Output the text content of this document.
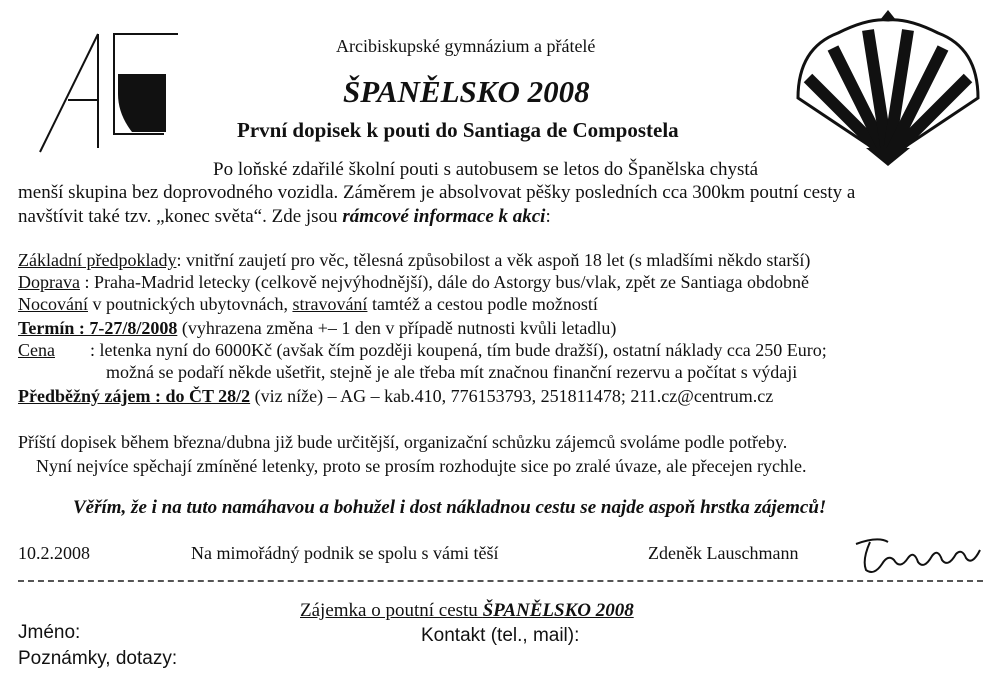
Arcibiskupské gymnázium a přátelé
ŠPANĚLSKO 2008
První dopisek k pouti do Santiaga de Compostela
Po loňské zdařilé školní pouti s autobusem se letos do Španělska chystá
menší skupina bez doprovodného vozidla. Záměrem je absolvovat pěšky posledních cca 300km poutní cesty a
navštívit také tzv. „konec světa“. Zde jsou rámcové informace k akci:
Základní předpoklady: vnitřní zaujetí pro věc, tělesná způsobilost a věk aspoň 18 let (s mladšími někdo starší)
Doprava : Praha-Madrid letecky (celkově nejvýhodnější), dále do Astorgy bus/vlak, zpět ze Santiaga obdobně
Nocování v poutnických ubytovnách, stravování tamtéž a cestou podle možností
Termín : 7-27/8/2008 (vyhrazena změna +– 1 den v případě nutnosti kvůli letadlu)
Cena : letenka nyní do 6000Kč (avšak čím později koupená, tím bude dražší), ostatní náklady cca 250 Euro;
možná se podaří někde ušetřit, stejně je ale třeba mít značnou finanční rezervu a počítat s výdaji
Předběžný zájem : do ČT 28/2 (viz níže) – AG – kab.410, 776153793, 251811478; 211.cz@centrum.cz
Příští dopisek během března/dubna již bude určitější, organizační schůzku zájemců svoláme podle potřeby.
Nyní nejvíce spěchají zmíněné letenky, proto se prosím rozhodujte sice po zralé úvaze, ale přecejen rychle.
Věřím, že i na tuto namáhavou a bohužel i dost nákladnou cestu se najde aspoň hrstka zájemců!
10.2.2008	Na mimořádný podnik se spolu s vámi těší	Zdeněk Lauschmann
Zájemka o poutní cestu ŠPANĚLSKO 2008
Jméno:	Kontakt (tel., mail):
Poznámky, dotazy:
